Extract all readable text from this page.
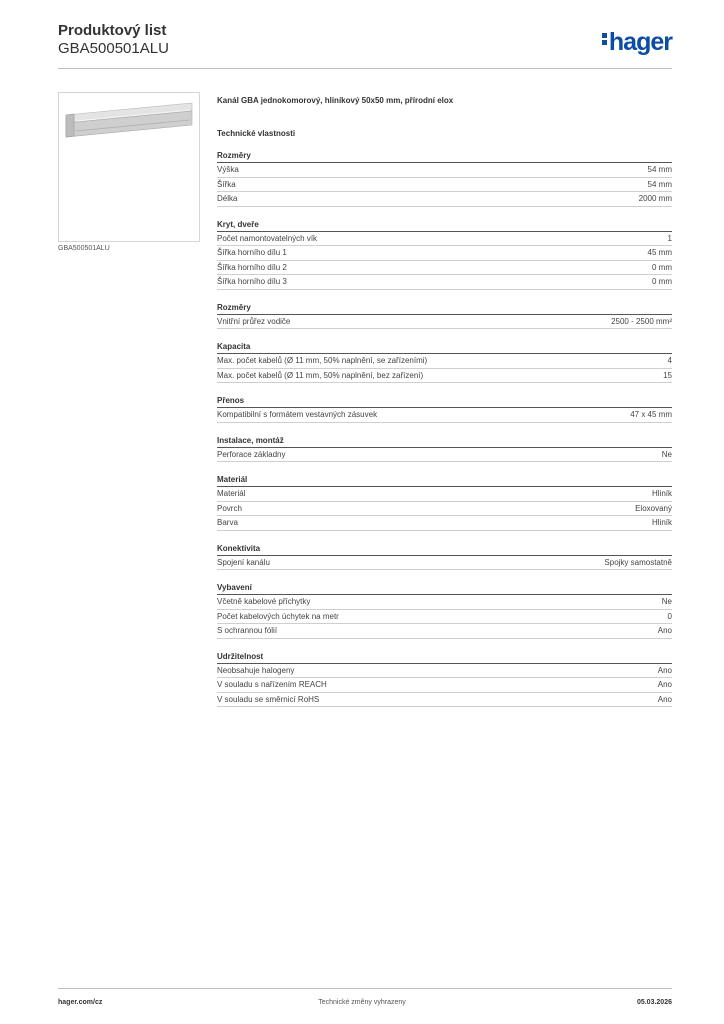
Produktový list
GBA500501ALU	hager
GBA500501ALU
Kanál GBA jednokomorový, hliníkový 50x50 mm, přírodní elox
Technické vlastnosti
Rozměry
Výška	54 mm
Šířka	54 mm
Délka	2000 mm
Kryt, dveře
Počet namontovatelných vík	1
Šířka horního dílu 1	45 mm
Šířka horního dílu 2	0 mm
Šířka horního dílu 3	0 mm
Rozměry
Vnitřní průřez vodiče	2500 - 2500 mm²
Kapacita
Max. počet kabelů (Ø 11 mm, 50% naplnění, se zařízeními)	4
Max. počet kabelů (Ø 11 mm, 50% naplnění, bez zařízení)	15
Přenos
Kompatibilní s formátem vestavných zásuvek	47 x 45 mm
Instalace, montáž
Perforace základny	Ne
Materiál
Materiál	Hliník
Povrch	Eloxovaný
Barva	Hliník
Konektivita
Spojení kanálu	Spojky samostatně
Vybavení
Včetně kabelové příchytky	Ne
Počet kabelových úchytek na metr	0
S ochrannou fólií	Ano
Udržitelnost
Neobsahuje halogeny	Ano
V souladu s nařízením REACH	Ano
V souladu se směrnicí RoHS	Ano
hager.com/cz	Technické změny vyhrazeny	05.03.2026
